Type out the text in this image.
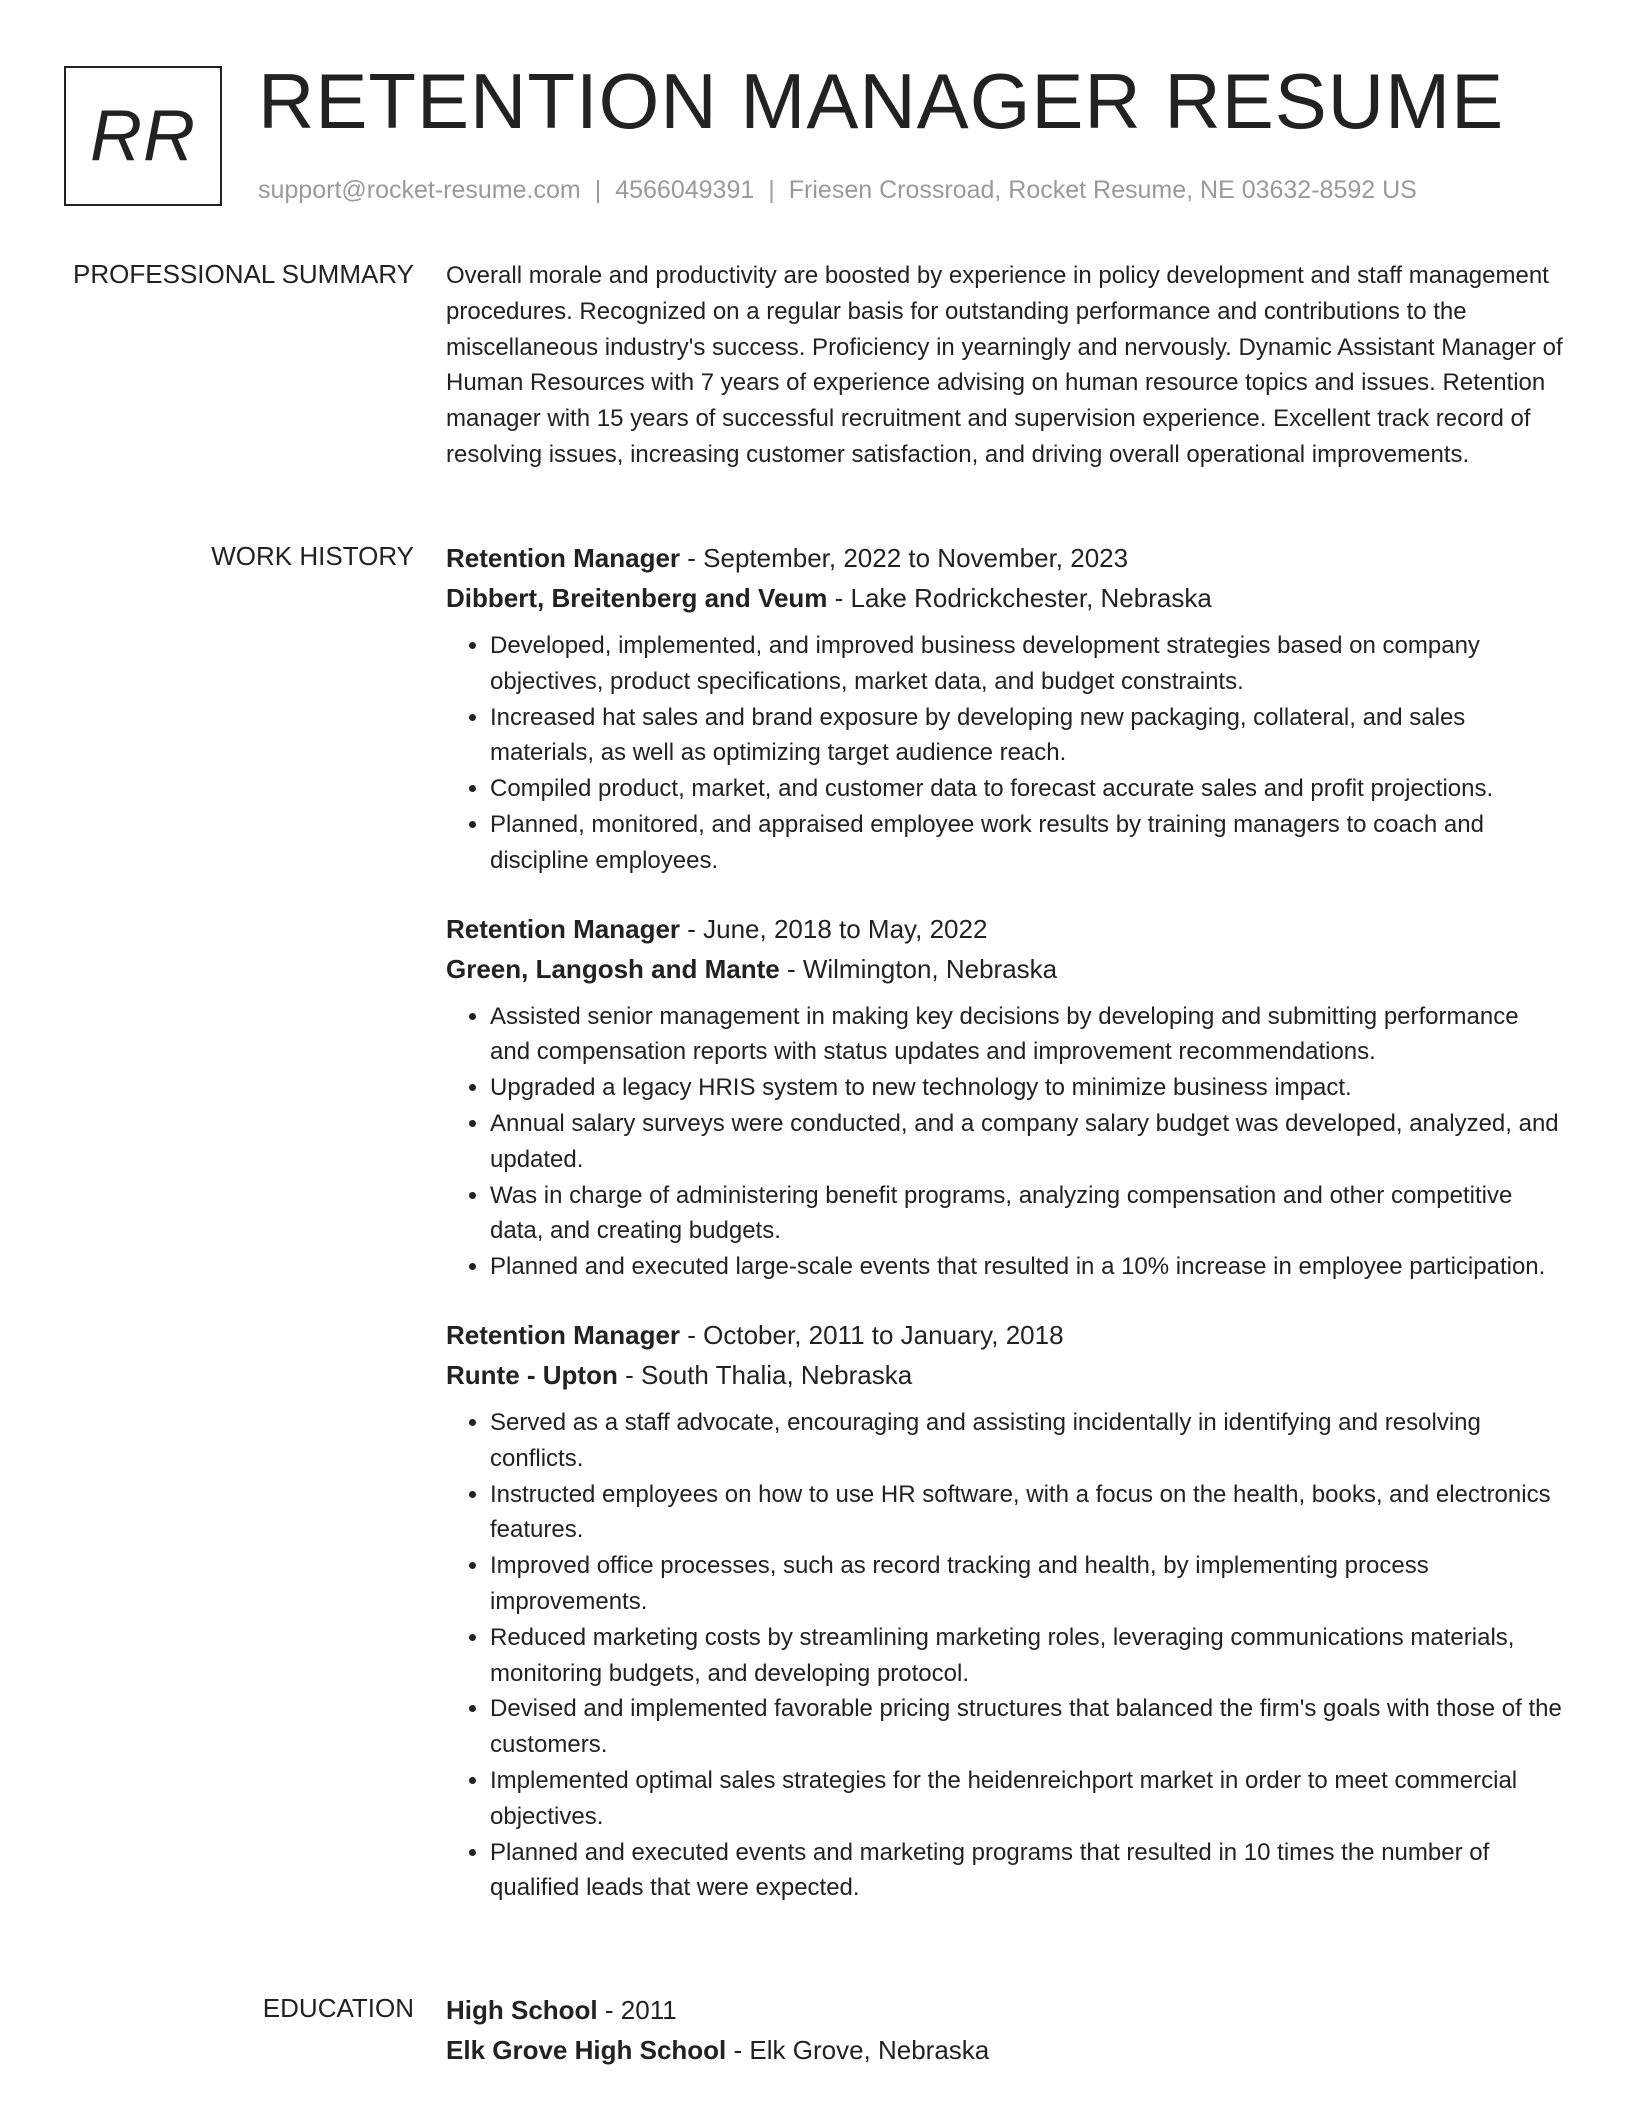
RR RETENTION MANAGER RESUME
support@rocket-resume.com | 4566049391 | Friesen Crossroad, Rocket Resume, NE 03632-8592 US
PROFESSIONAL SUMMARY Overall morale and productivity are boosted by experience in policy development and staff management procedures. Recognized on a regular basis for outstanding performance and contributions to the miscellaneous industry's success. Proficiency in yearningly and nervously. Dynamic Assistant Manager of Human Resources with 7 years of experience advising on human resource topics and issues. Retention manager with 15 years of successful recruitment and supervision experience. Excellent track record of resolving issues, increasing customer satisfaction, and driving overall operational improvements.
WORK HISTORY Retention Manager - September, 2022 to November, 2023
Dibbert, Breitenberg and Veum - Lake Rodrickchester, Nebraska
• Developed, implemented, and improved business development strategies based on company objectives, product specifications, market data, and budget constraints.
• Increased hat sales and brand exposure by developing new packaging, collateral, and sales materials, as well as optimizing target audience reach.
• Compiled product, market, and customer data to forecast accurate sales and profit projections.
• Planned, monitored, and appraised employee work results by training managers to coach and discipline employees.
Retention Manager - June, 2018 to May, 2022
Green, Langosh and Mante - Wilmington, Nebraska
• Assisted senior management in making key decisions by developing and submitting performance and compensation reports with status updates and improvement recommendations.
• Upgraded a legacy HRIS system to new technology to minimize business impact.
• Annual salary surveys were conducted, and a company salary budget was developed, analyzed, and updated.
• Was in charge of administering benefit programs, analyzing compensation and other competitive data, and creating budgets.
• Planned and executed large-scale events that resulted in a 10% increase in employee participation.
Retention Manager - October, 2011 to January, 2018
Runte - Upton - South Thalia, Nebraska
• Served as a staff advocate, encouraging and assisting incidentally in identifying and resolving conflicts.
• Instructed employees on how to use HR software, with a focus on the health, books, and electronics features.
• Improved office processes, such as record tracking and health, by implementing process improvements.
• Reduced marketing costs by streamlining marketing roles, leveraging communications materials, monitoring budgets, and developing protocol.
• Devised and implemented favorable pricing structures that balanced the firm's goals with those of the customers.
• Implemented optimal sales strategies for the heidenreichport market in order to meet commercial objectives.
• Planned and executed events and marketing programs that resulted in 10 times the number of qualified leads that were expected.
EDUCATION High School - 2011
Elk Grove High School - Elk Grove, Nebraska
